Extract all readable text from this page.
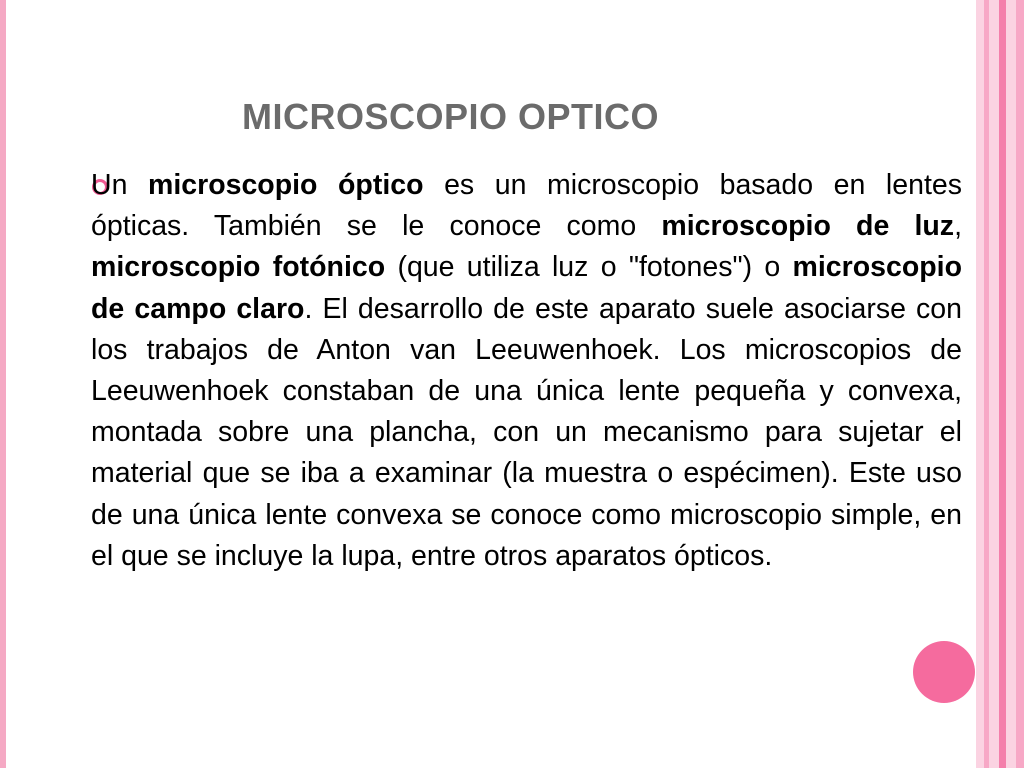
MICROSCOPIO OPTICO
Un microscopio óptico es un microscopio basado en lentes ópticas. También se le conoce como microscopio de luz, microscopio fotónico (que utiliza luz o "fotones") o microscopio de campo claro. El desarrollo de este aparato suele asociarse con los trabajos de Anton van Leeuwenhoek. Los microscopios de Leeuwenhoek constaban de una única lente pequeña y convexa, montada sobre una plancha, con un mecanismo para sujetar el material que se iba a examinar (la muestra o espécimen). Este uso de una única lente convexa se conoce como microscopio simple, en el que se incluye la lupa, entre otros aparatos ópticos.
